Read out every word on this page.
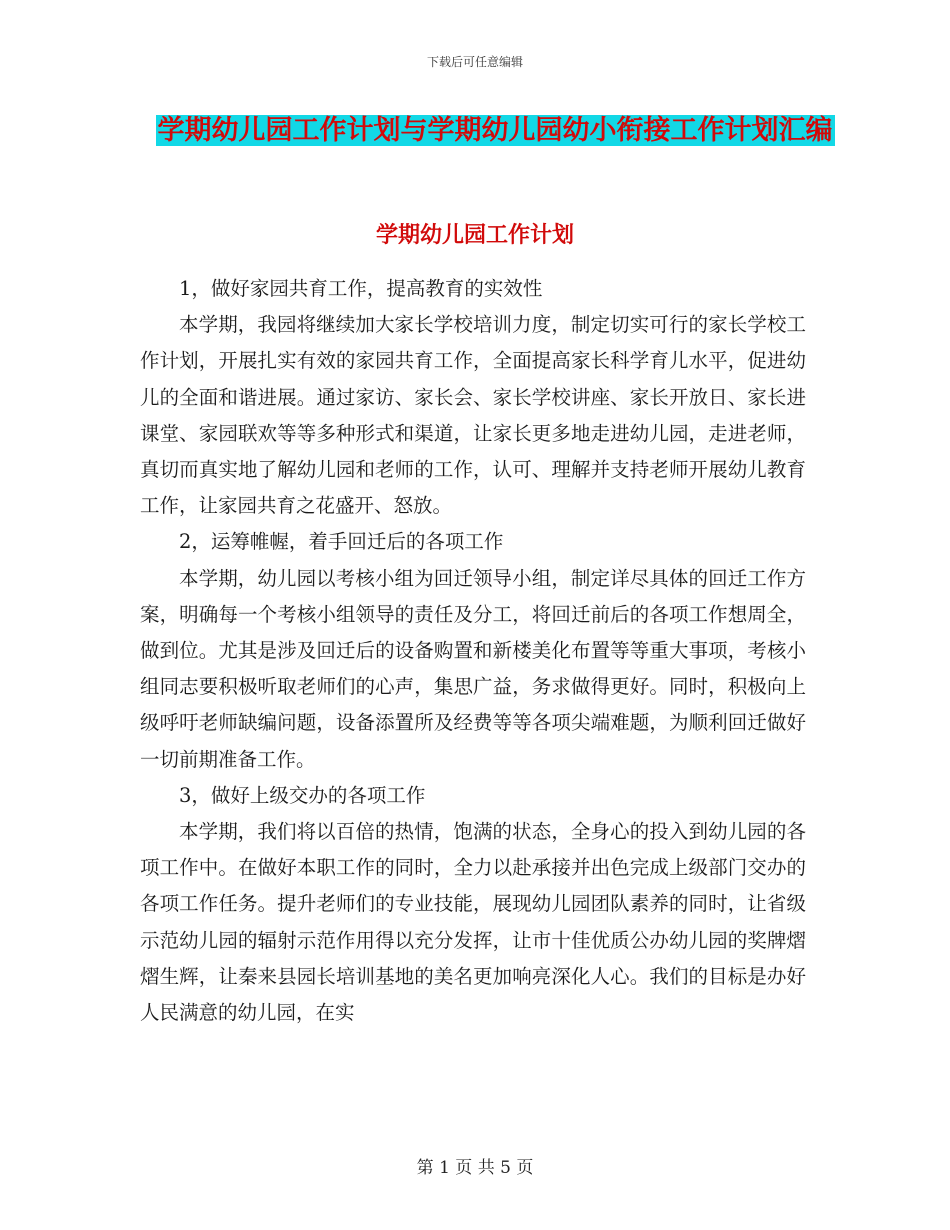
下载后可任意编辑
学期幼儿园工作计划与学期幼儿园幼小衔接工作计划汇编
学期幼儿园工作计划

1，做好家园共育工作，提高教育的实效性

本学期，我园将继续加大家长学校培训力度，制定切实可行的家长学校工作计划，开展扎实有效的家园共育工作，全面提高家长科学育儿水平，促进幼儿的全面和谐进展。通过家访、家长会、家长学校讲座、家长开放日、家长进课堂、家园联欢等等多种形式和渠道，让家长更多地走进幼儿园，走进老师，真切而真实地了解幼儿园和老师的工作，认可、理解并支持老师开展幼儿教育工作，让家园共育之花盛开、怒放。

2，运筹帷幄，着手回迁后的各项工作

本学期，幼儿园以考核小组为回迁领导小组，制定详尽具体的回迁工作方案，明确每一个考核小组领导的责任及分工，将回迁前后的各项工作想周全，做到位。尤其是涉及回迁后的设备购置和新楼美化布置等等重大事项，考核小组同志要积极听取老师们的心声，集思广益，务求做得更好。同时，积极向上级呼吁老师缺编问题，设备添置所及经费等等各项尖端难题，为顺利回迁做好一切前期准备工作。

3，做好上级交办的各项工作

本学期，我们将以百倍的热情，饱满的状态，全身心的投入到幼儿园的各项工作中。在做好本职工作的同时，全力以赴承接并出色完成上级部门交办的各项工作任务。提升老师们的专业技能，展现幼儿园团队素养的同时，让省级示范幼儿园的辐射示范作用得以充分发挥，让市十佳优质公办幼儿园的奖牌熠熠生辉，让秦来县园长培训基地的美名更加响亮深化人心。我们的目标是办好人民满意的幼儿园，在实

第 1 页 共 5 页
